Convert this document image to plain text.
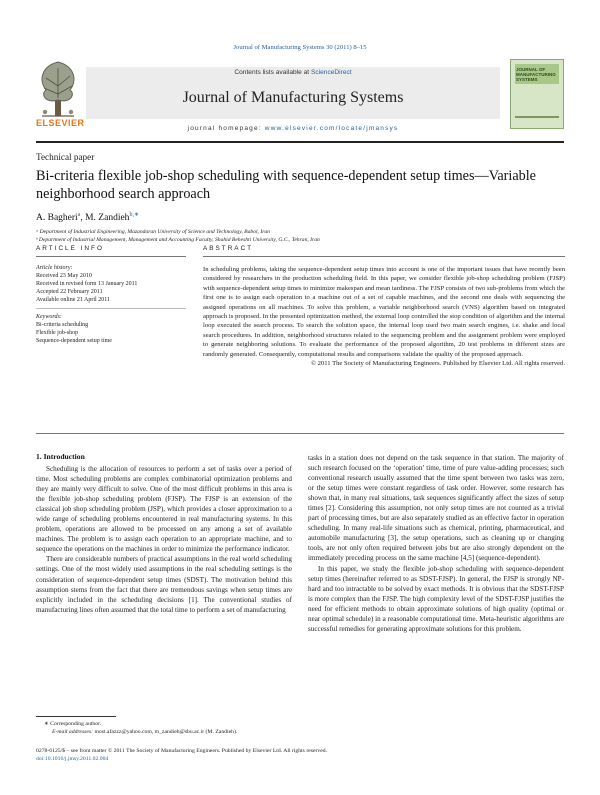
Journal of Manufacturing Systems 30 (2011) 8–15
ELSEVIER
Contents lists available at ScienceDirect
Journal of Manufacturing Systems
journal homepage: www.elsevier.com/locate/jmansys
JOURNAL OF MANUFACTURING SYSTEMS
Technical paper
Bi-criteria flexible job-shop scheduling with sequence-dependent setup times—Variable neighborhood search approach
A. Bagheri$^a$, M. Zandieh$^{b,∗}$
ᵃ Department of Industrial Engineering, Mazandaran University of Science and Technology, Babol, Iran
ᵇ Department of Industrial Management, Management and Accounting Faculty, Shahid Beheshti University, G.C., Tehran, Iran
ARTICLE INFO	ABSTRACT
Article history:
Received 23 May 2010
Received in revised form 13 January 2011
Accepted 22 February 2011
Available online 21 April 2011
Keywords:
Bi-criteria scheduling
Flexible job-shop
Sequence-dependent setup time
In scheduling problems, taking the sequence-dependent setup times into account is one of the important issues that have recently been considered by researchers in the production scheduling field. In this paper, we consider flexible job-shop scheduling problem (FJSP) with sequence-dependent setup times to minimize makespan and mean tardiness. The FJSP consists of two sub-problems from which the first one is to assign each operation to a machine out of a set of capable machines, and the second one deals with sequencing the assigned operations on all machines. To solve this problem, a variable neighborhood search (VNS) algorithm based on integrated approach is proposed. In the presented optimization method, the external loop controlled the stop condition of algorithm and the internal loop executed the search process. To search the solution space, the internal loop used two main search engines, i.e. shake and local search procedures. In addition, neighborhood structures related to the sequencing problem and the assignment problem were employed to generate neighboring solutions. To evaluate the performance of the proposed algorithm, 20 test problems in different sizes are randomly generated. Consequently, computational results and comparisons validate the quality of the proposed approach.
© 2011 The Society of Manufacturing Engineers. Published by Elsevier Ltd. All rights reserved.
1. Introduction

Scheduling is the allocation of resources to perform a set of tasks over a period of time. Most scheduling problems are complex combinatorial optimization problems and they are mainly very difficult to solve. One of the most difficult problems in this area is the flexible job-shop scheduling problem (FJSP). The FJSP is an extension of the classical job shop scheduling problem (JSP), which provides a closer approximation to a wide range of scheduling problems encountered in real manufacturing systems. In this problem, operations are allowed to be processed on any among a set of available machines. The problem is to assign each operation to an appropriate machine, and to sequence the operations on the machines in order to minimize the performance indicator.

There are considerable numbers of practical assumptions in the real world scheduling settings. One of the most widely used assumptions in the real scheduling settings is the consideration of sequence-dependent setup times (SDST). The motivation behind this assumption stems from the fact that there are tremendous savings when setup times are explicitly included in the scheduling decisions [1]. The conventional studies of manufacturing lines often assumed that the total time to perform a set of manufacturing

tasks in a station does not depend on the task sequence in that station. The majority of such research focused on the ‘operation’ time, time of pure value-adding processes; such conventional research usually assumed that the time spent between two tasks was zero, or the setup times were constant regardless of task order. However, some research has shown that, in many real situations, task sequences significantly affect the sizes of setup times [2]. Considering this assumption, not only setup times are not counted as a trivial part of processing times, but are also separately studied as an effective factor in operation scheduling. In many real-life situations such as chemical, printing, pharmaceutical, and automobile manufacturing [3], the setup operations, such as cleaning up or changing tools, are not only often required between jobs but are also strongly dependent on the immediately preceding process on the same machine [4,5] (sequence-dependent).

In this paper, we study the flexible job-shop scheduling with sequence-dependent setup times (hereinafter referred to as SDST-FJSP). In general, the FJSP is strongly NP-hard and too intractable to be solved by exact methods. It is obvious that the SDST-FJSP is more complex than the FJSP. The high complexity level of the SDST-FJSP justifies the need for efficient methods to obtain approximate solutions of high quality (optimal or near optimal schedule) in a reasonable computational time. Meta-heuristic algorithms are successful remedies for generating approximate solutions for this problem.

∗ Corresponding author.
E-mail addresses: most.afazzz@yahoo.com, m_zandieh@sbu.ac.ir (M. Zandieh).
0278-6125/$ – see front matter © 2011 The Society of Manufacturing Engineers. Published by Elsevier Ltd. All rights reserved.
doi:10.1016/j.jmsy.2011.02.004
